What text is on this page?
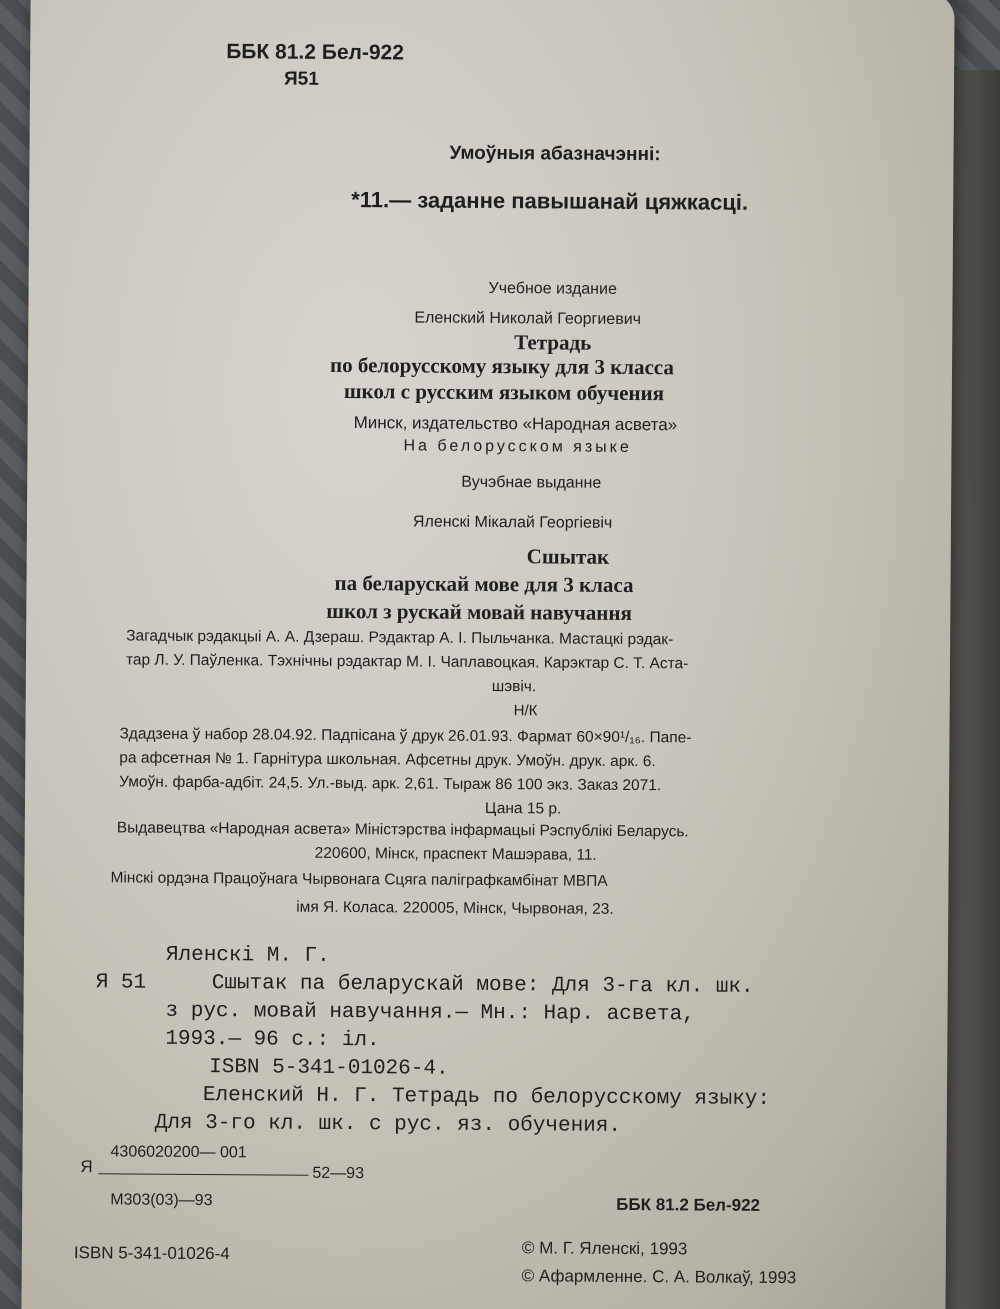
ББК 81.2 Бел-922
Я51
Умоўныя абазначэнні:
*11.— заданне павышанай цяжкасці.
Учебное издание
Еленский Николай Георгиевич
Тетрадь
по белорусскому языку для 3 класса
школ с русским языком обучения
Минск, издательство «Народная асвета»
На белорусском языке
Вучэбнае выданне
Яленскі Мікалай Георгіевіч
Сшытак
па беларускай мове для 3 класа
школ з рускай мовай навучання
Загадчык рэдакцыі А. А. Дзераш. Рэдактар А. І. Пыльчанка. Мастацкі рэдак-
тар Л. У. Паўленка. Тэхнічны рэдактар М. І. Чаплавоцкая. Карэктар С. Т. Аста-
шэвіч.
Н/К
Здадзена ў набор 28.04.92. Падпісана ў друк 26.01.93. Фармат 60×90¹/₁₆. Папе-
ра афсетная № 1. Гарнітура школьная. Афсетны друк. Умоўн. друк. арк. 6.
Умоўн. фарба-адбіт. 24,5. Ул.-выд. арк. 2,61. Тыраж 86 100 экз. Заказ 2071.
Цана 15 р.
Выдавецтва «Народная асвета» Міністэрства інфармацыі Рэспублікі Беларусь.
220600, Мінск, праспект Машэрава, 11.
Мінскі ордэна Працоўнага Чырвонага Сцяга паліграфкамбінат МВПА
імя Я. Коласа. 220005, Мінск, Чырвоная, 23.
Яленскі М. Г.
Я 51	Сшытак па беларускай мове: Для 3-га кл. шк.
з рус. мовай навучання.— Мн.: Нар. асвета,
1993.— 96 с.: іл.
ISBN 5-341-01026-4.
Еленский Н. Г. Тетрадь по белорусскому языку:
Для 3-го кл. шк. с рус. яз. обучения.
4306020200— 001
Я	52—93
М303(03)—93	ББК 81.2 Бел-922
ISBN 5-341-01026-4	© М. Г. Яленскі, 1993
© Афармленне. С. А. Волкаў, 1993
